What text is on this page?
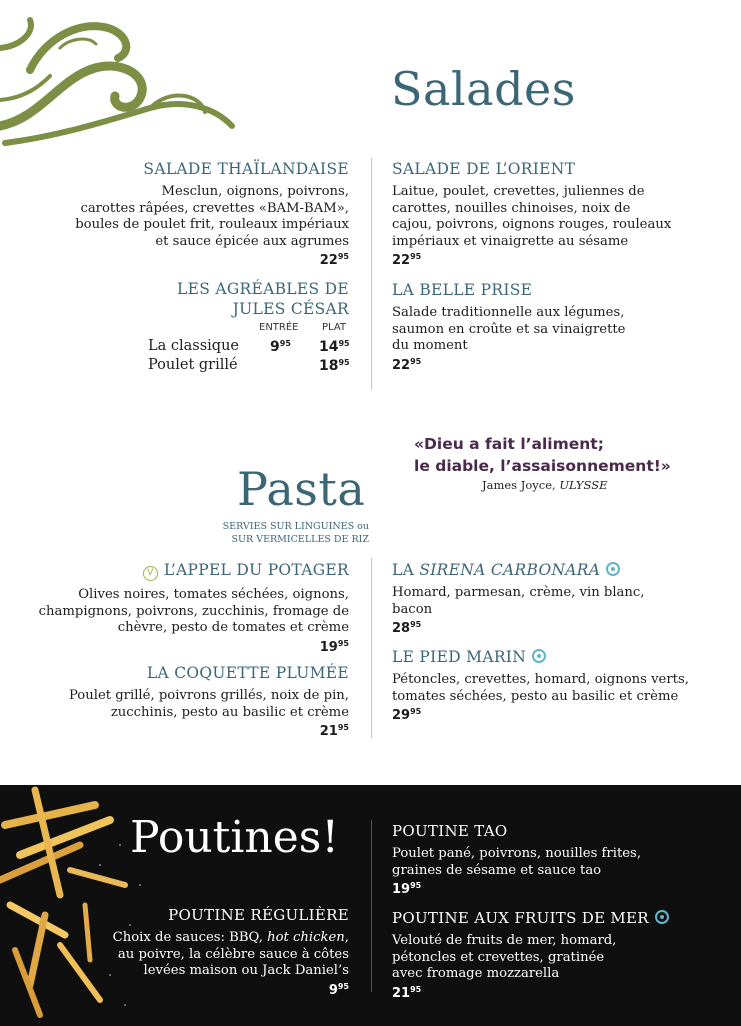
Salades
SALADE THAÏLANDAISE
Mesclun, oignons, poivrons,
carottes râpées, crevettes «BAM-BAM»,
boules de poulet frit, rouleaux impériaux
et sauce épicée aux agrumes
$22^{95}$
SALADE DE L’ORIENT
Laitue, poulet, crevettes, juliennes de
carottes, nouilles chinoises, noix de
cajou, poivrons, oignons rouges, rouleaux
impériaux et vinaigrette au sésame
$22^{95}$
LES AGRÉABLES DE
JULES CÉSAR
ENTRÉE PLAT
La classique $9^{95}$ $14^{95}$
Poulet grillé	$18^{95}$
LA BELLE PRISE
Salade traditionnelle aux légumes,
saumon en croûte et sa vinaigrette
du moment
$22^{95}$
«Dieu a fait l’aliment;
le diable, l’assaisonnement!»
James Joyce, ULYSSE
Pasta
SERVIES SUR LINGUINES ou
SUR VERMICELLES DE RIZ
V L’APPEL DU POTAGER
Olives noires, tomates séchées, oignons,
champignons, poivrons, zucchinis, fromage de
chèvre, pesto de tomates et crème
$19^{95}$
LA COQUETTE PLUMÉE
Poulet grillé, poivrons grillés, noix de pin,
zucchinis, pesto au basilic et crème
$21^{95}$
LA SIRENA CARBONARA
Homard, parmesan, crème, vin blanc,
bacon
$28^{95}$
LE PIED MARIN
Pétoncles, crevettes, homard, oignons verts,
tomates séchées, pesto au basilic et crème
$29^{95}$
Poutines!
POUTINE RÉGULIÈRE
Choix de sauces: BBQ, hot chicken,
au poivre, la célèbre sauce à côtes
levées maison ou Jack Daniel’s
$9^{95}$
POUTINE TAO
Poulet pané, poivrons, nouilles frites,
graines de sésame et sauce tao
$19^{95}$
POUTINE AUX FRUITS DE MER
Velouté de fruits de mer, homard,
pétoncles et crevettes, gratinée
avec fromage mozzarella
$21^{95}$
